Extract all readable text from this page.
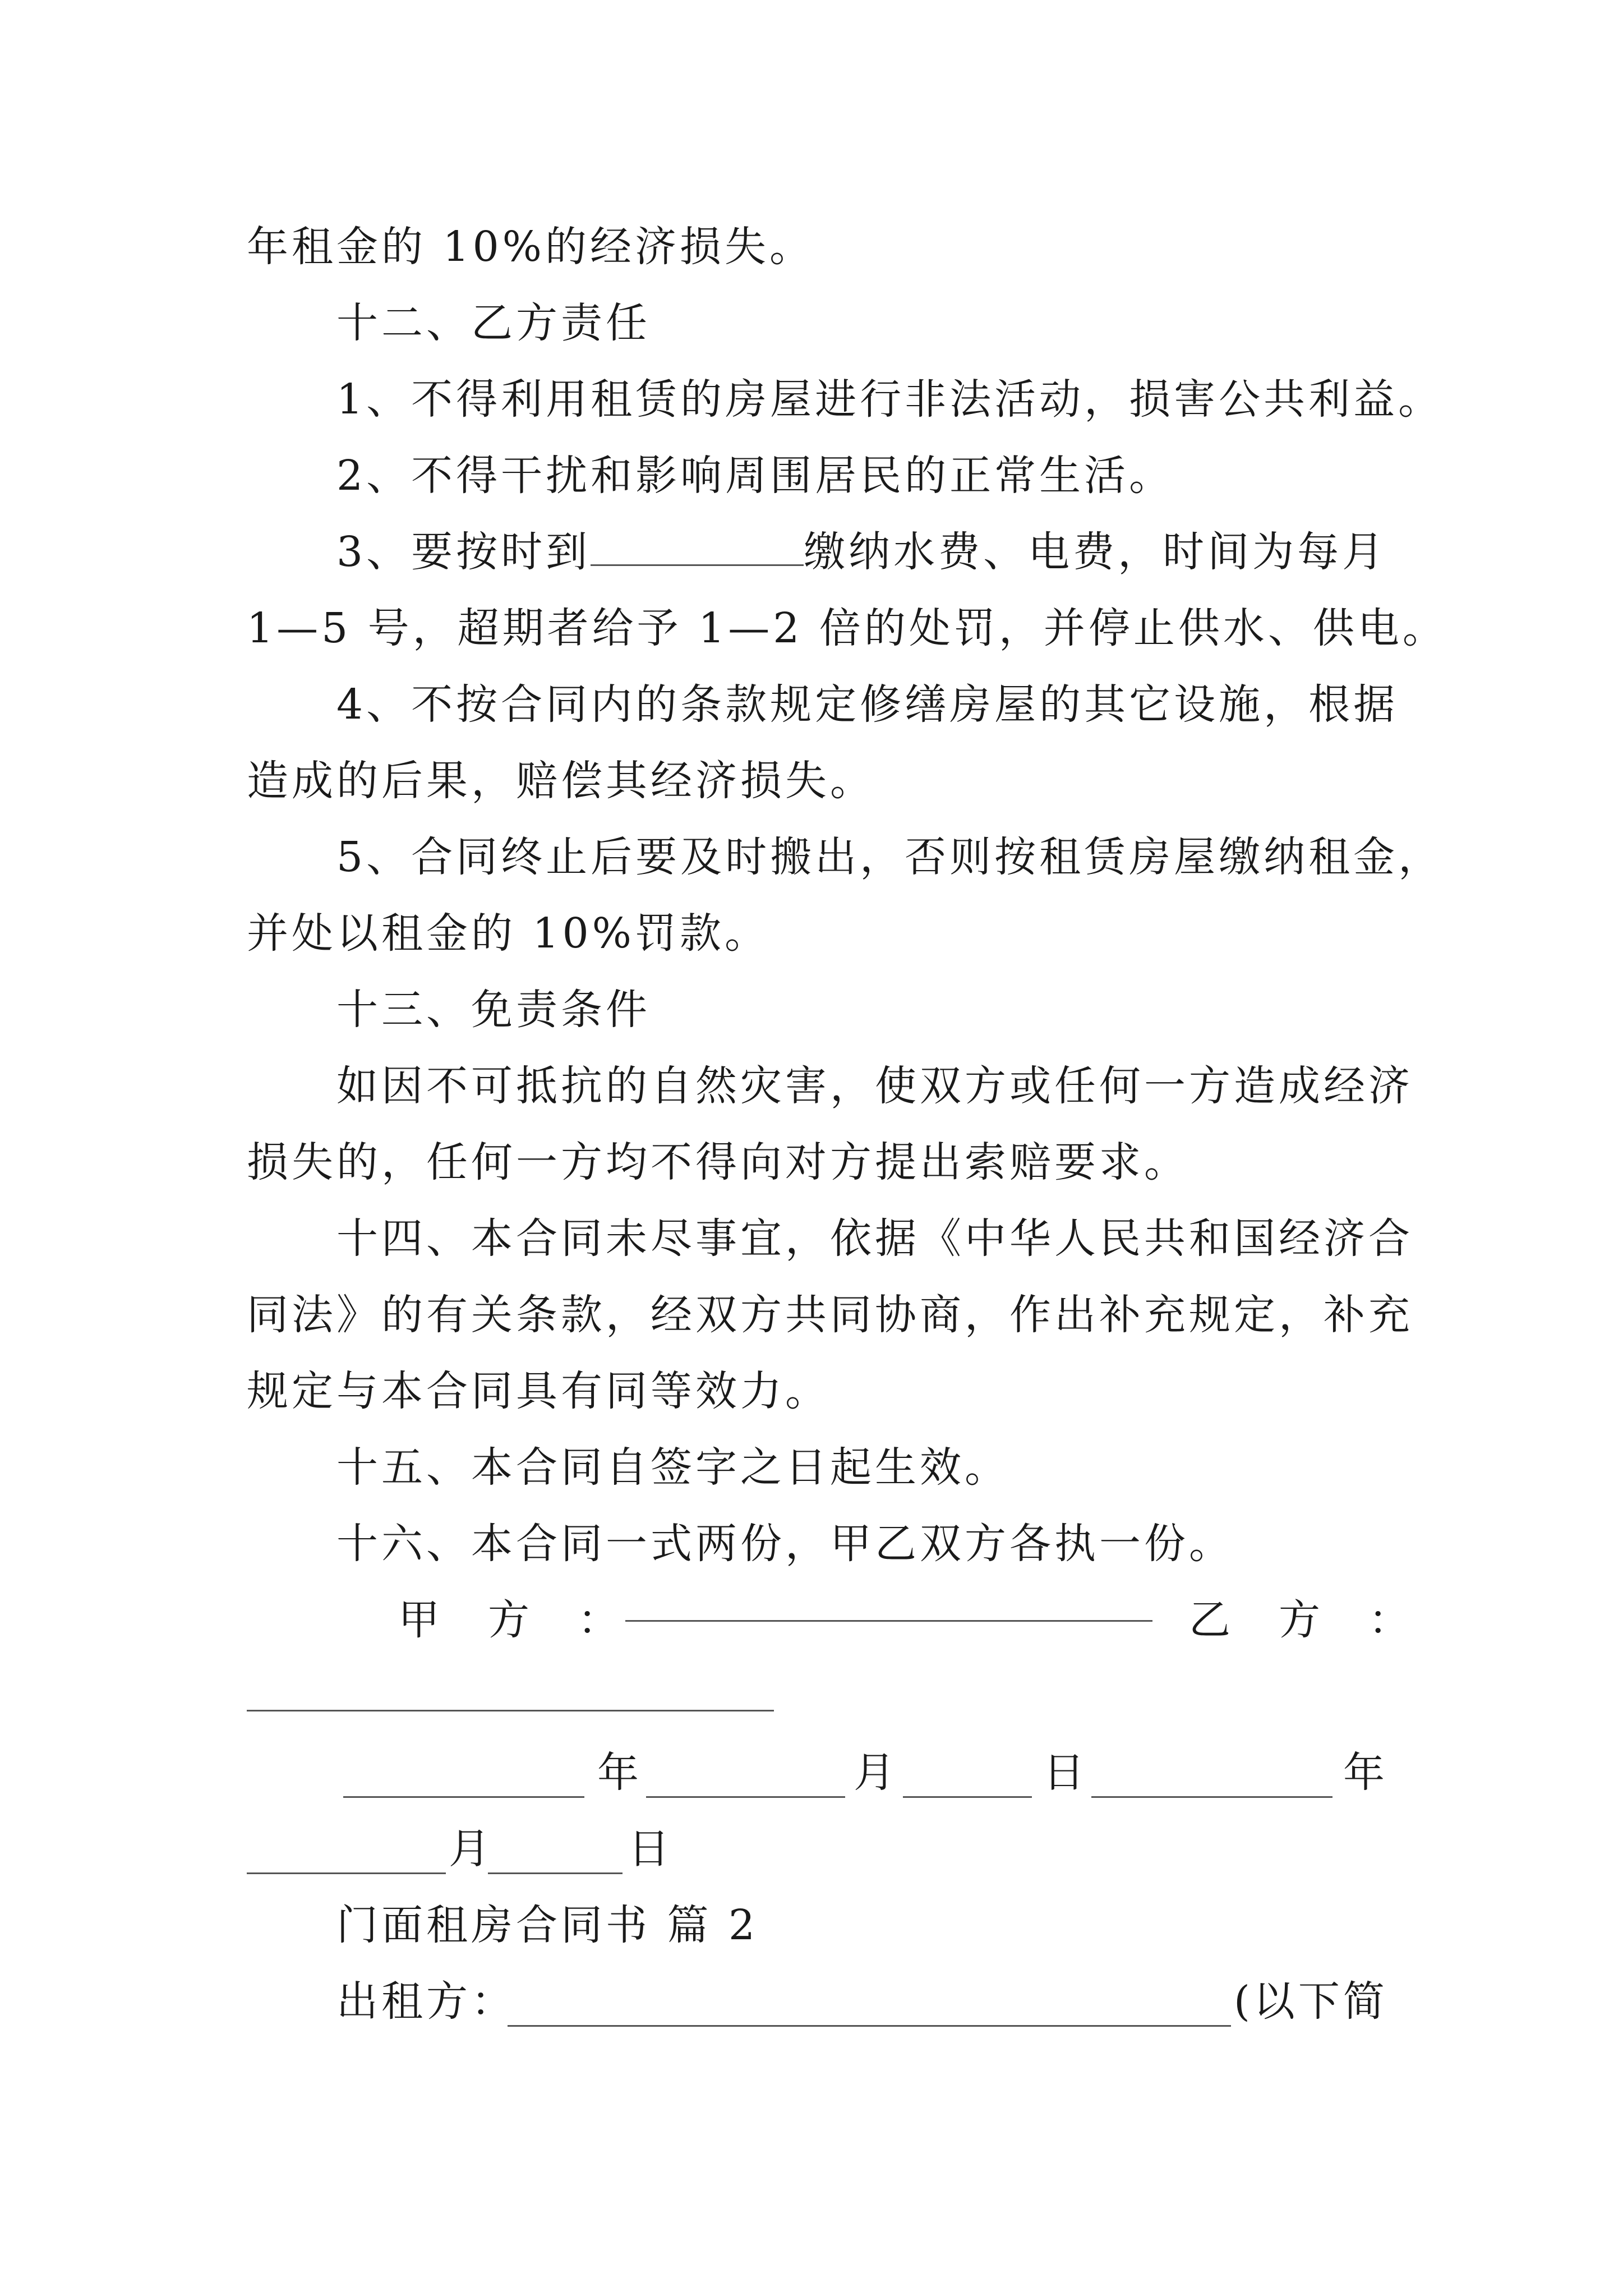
年租金的 10%的经济损失。
十二、乙方责任
1、不得利用租赁的房屋进行非法活动，损害公共利益。
2、不得干扰和影响周围居民的正常生活。
3、要按时到	缴纳水费、电费，时间为每月
1—5 号，超期者给予 1—2 倍的处罚，并停止供水、供电。
4、不按合同内的条款规定修缮房屋的其它设施，根据
造成的后果，赔偿其经济损失。
5、合同终止后要及时搬出，否则按租赁房屋缴纳租金，
并处以租金的 10%罚款。
十三、免责条件
如因不可抵抗的自然灾害，使双方或任何一方造成经济
损失的，任何一方均不得向对方提出索赔要求。
十四、本合同未尽事宜，依据《中华人民共和国经济合
同法》的有关条款，经双方共同协商，作出补充规定，补充
规定与本合同具有同等效力。
十五、本合同自签字之日起生效。
十六、本合同一式两份，甲乙双方各执一份。
甲　方　：	乙　方　：
年	月	日	年
月	日
门面租房合同书 篇 2
出租方：	(以下简
